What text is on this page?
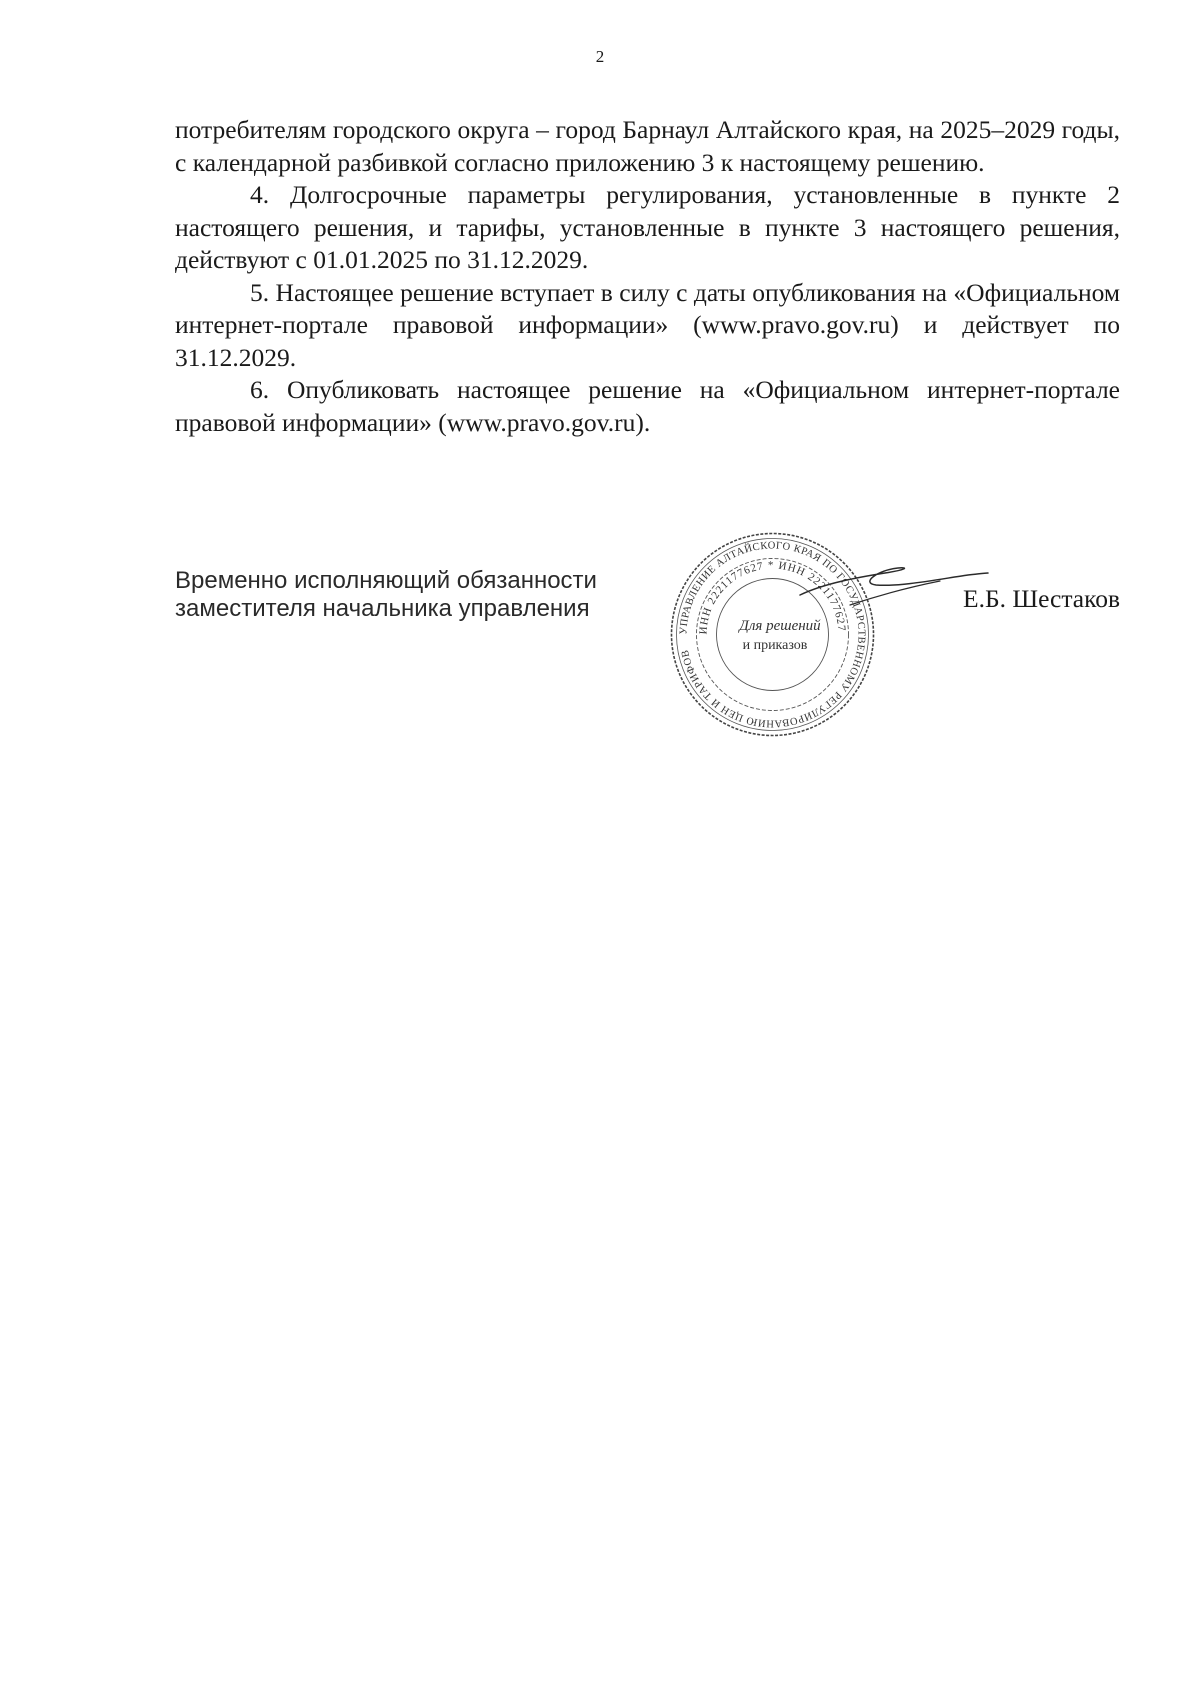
2

потребителям городского округа – город Барнаул Алтайского края, на 2025–2029 годы, с календарной разбивкой согласно приложению 3 к настоящему решению.

4. Долгосрочные параметры регулирования, установленные в пункте 2 настоящего решения, и тарифы, установленные в пункте 3 настоящего решения, действуют с 01.01.2025 по 31.12.2029.

5. Настоящее решение вступает в силу с даты опубликования на «Официальном интернет-портале правовой информации» (www.pravo.gov.ru) и действует по 31.12.2029.

6. Опубликовать настоящее решение на «Официальном интернет-портале правовой информации» (www.pravo.gov.ru).

Временно исполняющий обязанности
заместителя начальника управления
УПРАВЛЕНИЕ АЛТАЙСКОГО КРАЯ ПО ГОСУДАРСТВЕННОМУ РЕГУЛИРОВАНИЮ ЦЕН И ТАРИФОВ
ИНН 2221177627 * ИНН 2221177627
Для решений
и приказов
Е.Б. Шестаков
